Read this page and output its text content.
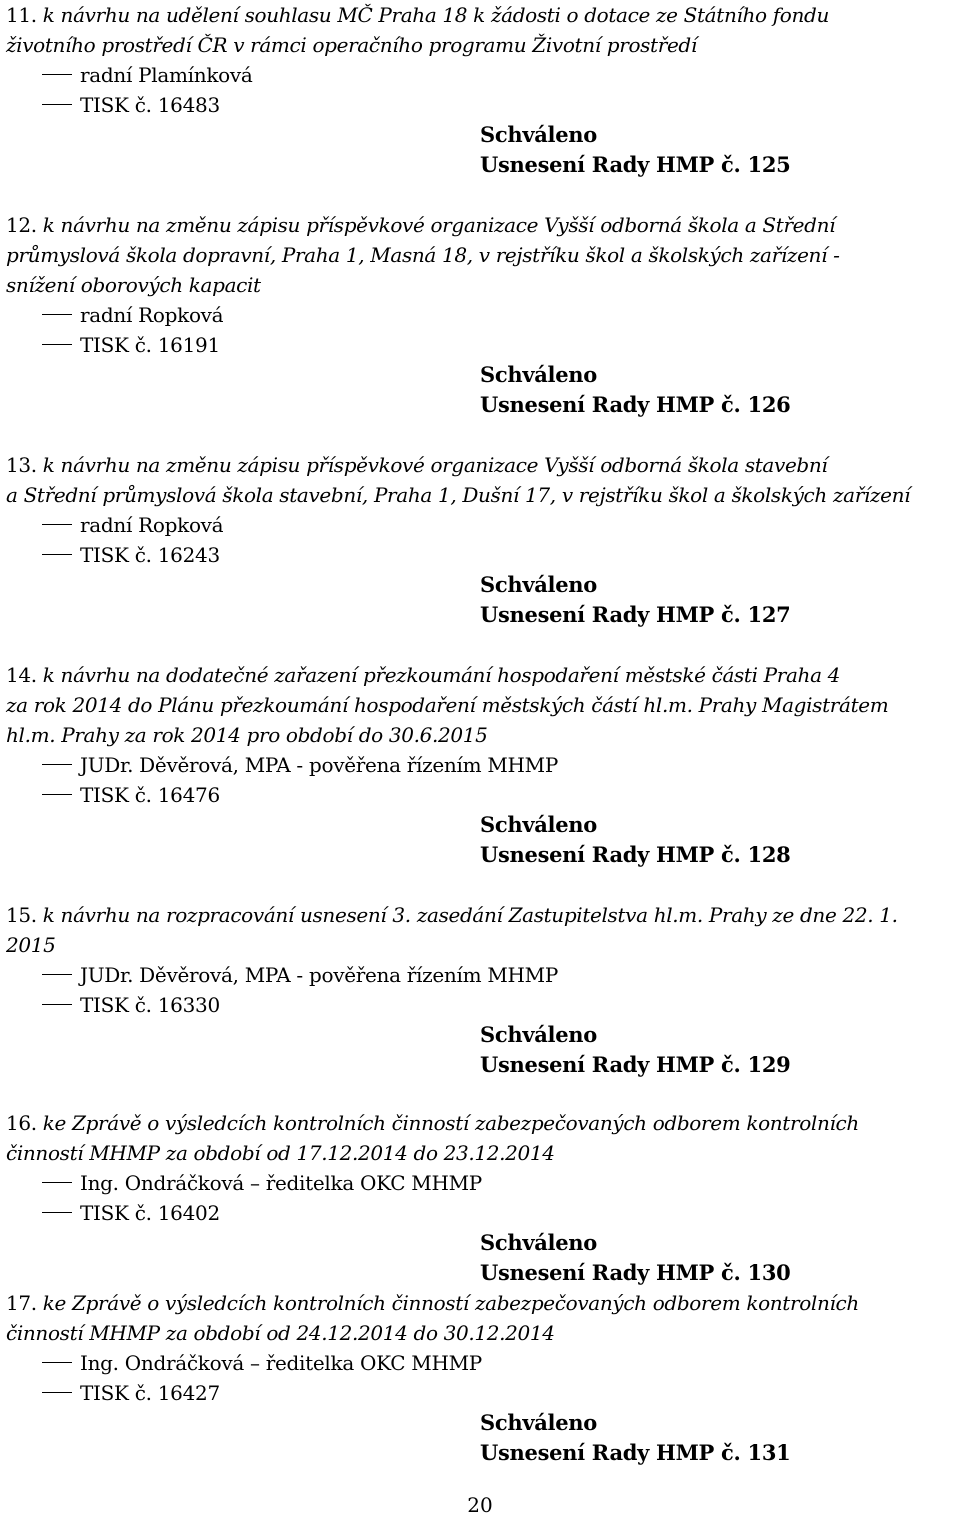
11. k návrhu na udělení souhlasu MČ Praha 18 k žádosti o dotace ze Státního fondu
životního prostředí ČR v rámci operačního programu Životní prostředí

radní Plamínková
TISK č. 16483
Schváleno
Usnesení Rady HMP č. 125

12. k návrhu na změnu zápisu příspěvkové organizace Vyšší odborná škola a Střední
průmyslová škola dopravní, Praha 1, Masná 18, v rejstříku škol a školských zařízení -
snížení oborových kapacit

radní Ropková
TISK č. 16191
Schváleno
Usnesení Rady HMP č. 126

13. k návrhu na změnu zápisu příspěvkové organizace Vyšší odborná škola stavební
a Střední průmyslová škola stavební, Praha 1, Dušní 17, v rejstříku škol a školských zařízení

radní Ropková
TISK č. 16243
Schváleno
Usnesení Rady HMP č. 127

14. k návrhu na dodatečné zařazení přezkoumání hospodaření městské části Praha 4
za rok 2014 do Plánu přezkoumání hospodaření městských částí hl.m. Prahy Magistrátem
hl.m. Prahy za rok 2014 pro období do 30.6.2015

JUDr. Děvěrová, MPA - pověřena řízením MHMP
TISK č. 16476
Schváleno
Usnesení Rady HMP č. 128

15. k návrhu na rozpracování usnesení 3. zasedání Zastupitelstva hl.m. Prahy ze dne 22. 1.
2015

JUDr. Děvěrová, MPA - pověřena řízením MHMP
TISK č. 16330
Schváleno
Usnesení Rady HMP č. 129

16. ke Zprávě o výsledcích kontrolních činností zabezpečovaných odborem kontrolních
činností MHMP za období od 17.12.2014 do 23.12.2014

Ing. Ondráčková – ředitelka OKC MHMP
TISK č. 16402
Schváleno
Usnesení Rady HMP č. 130

17. ke Zprávě o výsledcích kontrolních činností zabezpečovaných odborem kontrolních
činností MHMP za období od 24.12.2014 do 30.12.2014

Ing. Ondráčková – ředitelka OKC MHMP
TISK č. 16427
Schváleno
Usnesení Rady HMP č. 131
20
